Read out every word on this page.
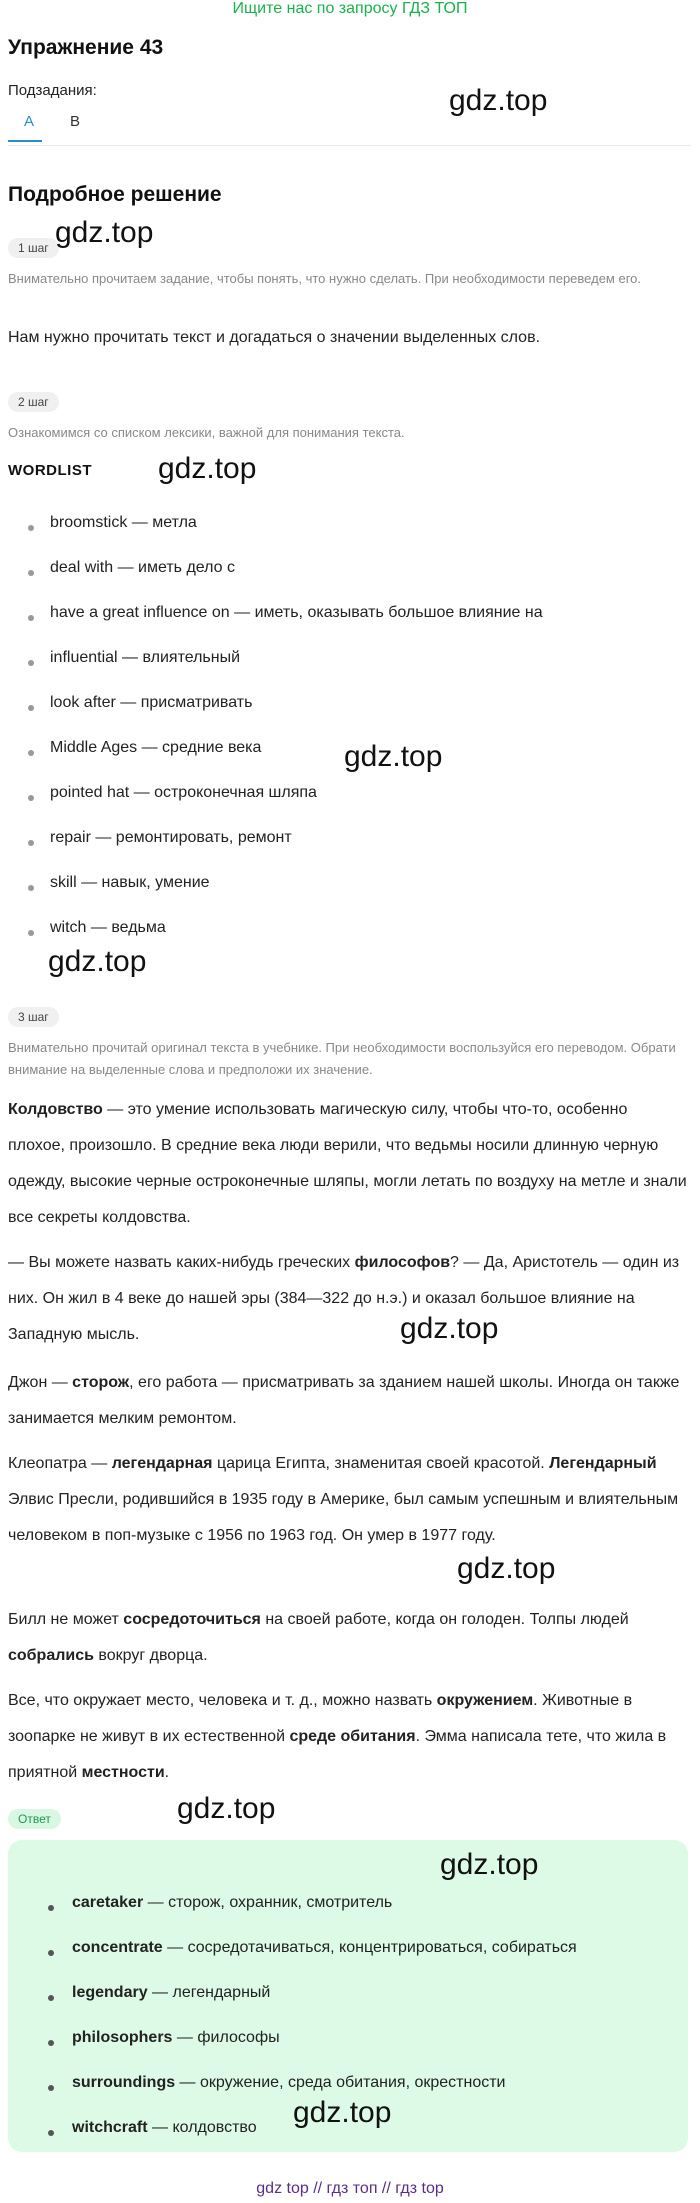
Ищите нас по запросу ГДЗ ТОП
Упражнение 43
Подзадания:
A B
Подробное решение
1 шаг
Внимательно прочитаем задание, чтобы понять, что нужно сделать. При необходимости переведем его.
Нам нужно прочитать текст и догадаться о значении выделенных слов.
2 шаг
Ознакомимся со списком лексики, важной для понимания текста.
WORDLIST
broomstick — метла
deal with — иметь дело с
have a great influence on — иметь, оказывать большое влияние на
influential — влиятельный
look after — присматривать
Middle Ages — средние века
pointed hat — остроконечная шляпа
repair — ремонтировать, ремонт
skill — навык, умение
witch — ведьма
3 шаг
Внимательно прочитай оригинал текста в учебнике. При необходимости воспользуйся его переводом. Обрати внимание на выделенные слова и предположи их значение.
Колдовство — это умение использовать магическую силу, чтобы что-то, особенно плохое, произошло. В средние века люди верили, что ведьмы носили длинную черную одежду, высокие черные остроконечные шляпы, могли летать по воздуху на метле и знали все секреты колдовства.
— Вы можете назвать каких-нибудь греческих философов? — Да, Аристотель — один из них. Он жил в 4 веке до нашей эры (384—322 до н.э.) и оказал большое влияние на Западную мысль.
Джон — сторож, его работа — присматривать за зданием нашей школы. Иногда он также занимается мелким ремонтом.
Клеопатра — легендарная царица Египта, знаменитая своей красотой. Легендарный Элвис Пресли, родившийся в 1935 году в Америке, был самым успешным и влиятельным человеком в поп-музыке с 1956 по 1963 год. Он умер в 1977 году.
Билл не может сосредоточиться на своей работе, когда он голоден. Толпы людей собрались вокруг дворца.
Все, что окружает место, человека и т. д., можно назвать окружением. Животные в зоопарке не живут в их естественной среде обитания. Эмма написала тете, что жила в приятной местности.
Ответ
caretaker — сторож, охранник, смотритель
concentrate — сосредотачиваться, концентрироваться, собираться
legendary — легендарный
philosophers — философы
surroundings — окружение, среда обитания, окрестности
witchcraft — колдовство
gdz.top
gdz.top
gdz.top
gdz.top
gdz.top
gdz.top
gdz.top
gdz.top
gdz.top
gdz.top
gdz top // гдз топ // гдз top
